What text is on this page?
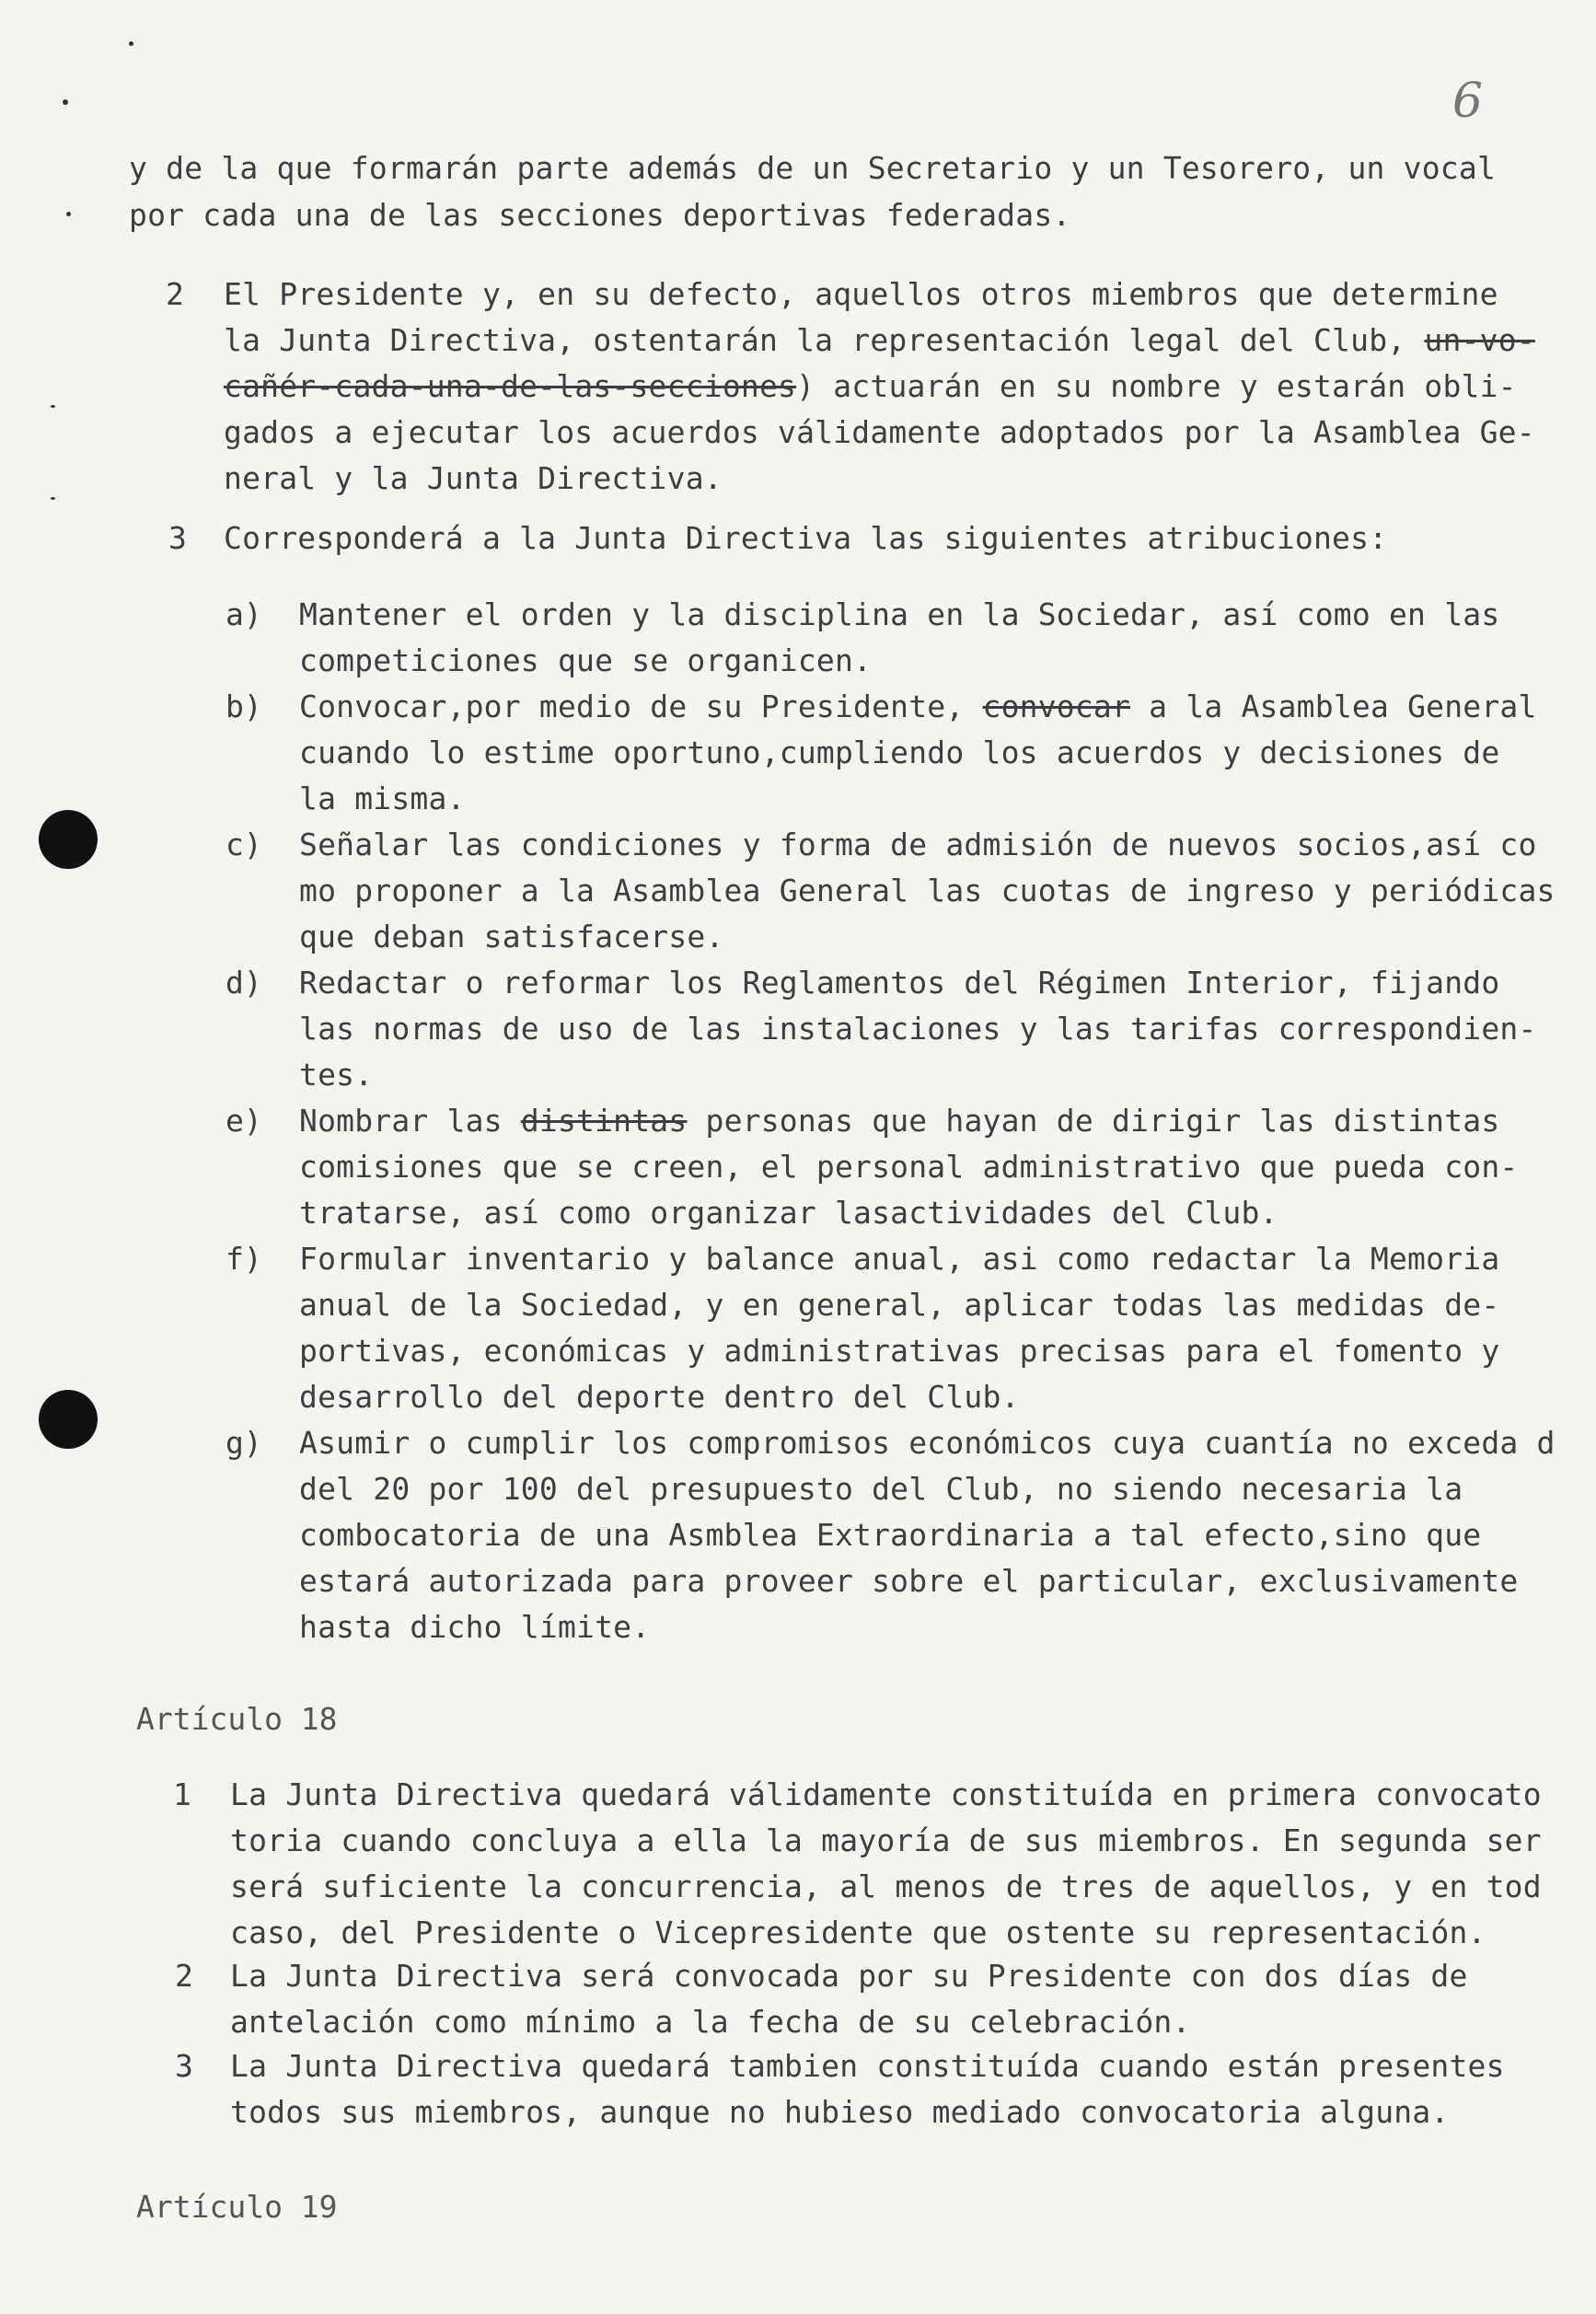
6
y de la que formarán parte además de un Secretario y un Tesorero, un vocal
por cada una de las secciones deportivas federadas.
2 El Presidente y, en su defecto, aquellos otros miembros que determine
la Junta Directiva, ostentarán la representación legal del Club, un-vo-
cañér-cada-una-de-las-secciones) actuarán en su nombre y estarán obli-
gados a ejecutar los acuerdos válidamente adoptados por la Asamblea Ge-
neral y la Junta Directiva.
3 Corresponderá a la Junta Directiva las siguientes atribuciones:
a) Mantener el orden y la disciplina en la Sociedar, así como en las
competiciones que se organicen.
b) Convocar,por medio de su Presidente, convocar a la Asamblea General
cuando lo estime oportuno,cumpliendo los acuerdos y decisiones de
la misma.
c) Señalar las condiciones y forma de admisión de nuevos socios,así co
mo proponer a la Asamblea General las cuotas de ingreso y periódicas
que deban satisfacerse.
d) Redactar o reformar los Reglamentos del Régimen Interior, fijando
las normas de uso de las instalaciones y las tarifas correspondien-
tes.
e) Nombrar las distintas personas que hayan de dirigir las distintas
comisiones que se creen, el personal administrativo que pueda con-
tratarse, así como organizar lasactividades del Club.
f) Formular inventario y balance anual, asi como redactar la Memoria
anual de la Sociedad, y en general, aplicar todas las medidas de-
portivas, económicas y administrativas precisas para el fomento y
desarrollo del deporte dentro del Club.
g) Asumir o cumplir los compromisos económicos cuya cuantía no exceda d
del 20 por 100 del presupuesto del Club, no siendo necesaria la
combocatoria de una Asmblea Extraordinaria a tal efecto,sino que
estará autorizada para proveer sobre el particular, exclusivamente
hasta dicho límite.
Artículo 18
1 La Junta Directiva quedará válidamente constituída en primera convocato
toria cuando concluya a ella la mayoría de sus miembros. En segunda ser
será suficiente la concurrencia, al menos de tres de aquellos, y en tod
caso, del Presidente o Vicepresidente que ostente su representación.
2 La Junta Directiva será convocada por su Presidente con dos días de
antelación como mínimo a la fecha de su celebración.
3 La Junta Directiva quedará tambien constituída cuando están presentes
todos sus miembros, aunque no hubieso mediado convocatoria alguna.
Artículo 19
